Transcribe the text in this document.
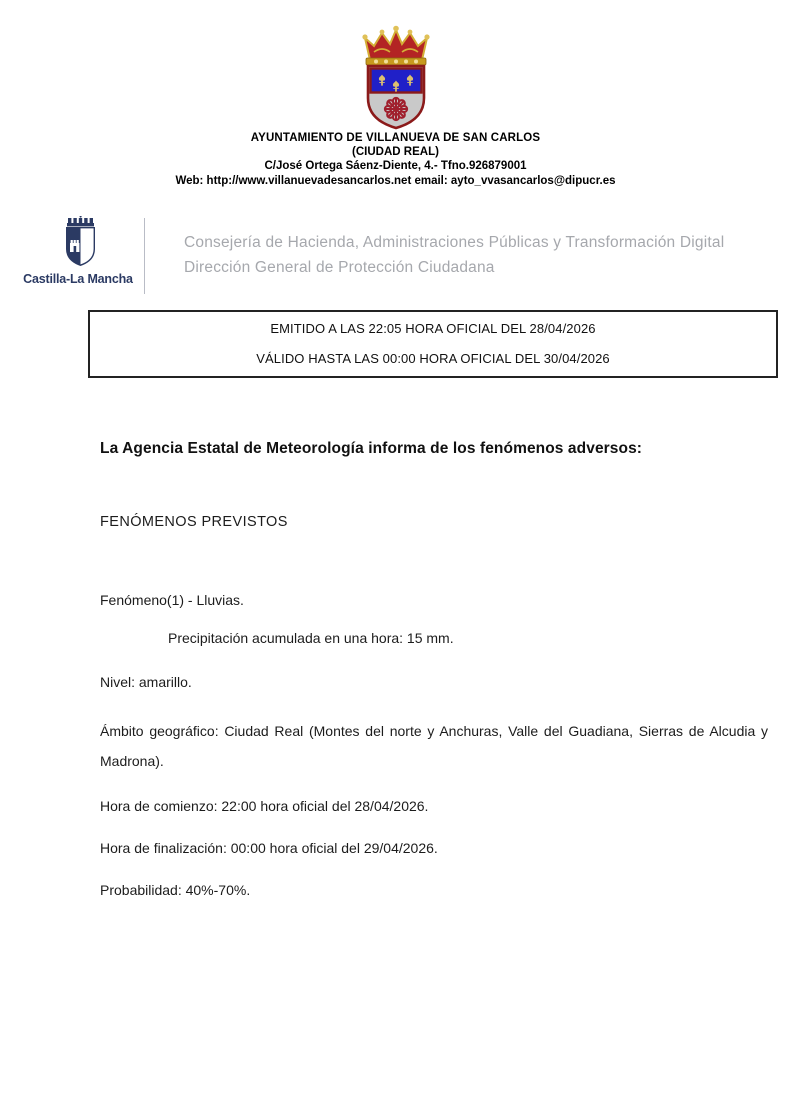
AYUNTAMIENTO DE VILLANUEVA DE SAN CARLOS
(CIUDAD REAL)
C/José Ortega Sáenz-Diente, 4.- Tfno.926879001
Web: http://www.villanuevadesancarlos.net email: ayto_vvasancarlos@dipucr.es
Castilla-La Mancha
Consejería de Hacienda, Administraciones Públicas y Transformación Digital
Dirección General de Protección Ciudadana
EMITIDO A LAS 22:05 HORA OFICIAL DEL 28/04/2026
VÁLIDO HASTA LAS 00:00 HORA OFICIAL DEL 30/04/2026

La Agencia Estatal de Meteorología informa de los fenómenos adversos:

FENÓMENOS PREVISTOS

Fenómeno(1) - Lluvias.

Precipitación acumulada en una hora: 15 mm.

Nivel: amarillo.

Ámbito geográfico: Ciudad Real (Montes del norte y Anchuras, Valle del Guadiana, Sierras de Alcudia y Madrona).

Hora de comienzo: 22:00 hora oficial del 28/04/2026.

Hora de finalización: 00:00 hora oficial del 29/04/2026.

Probabilidad: 40%-70%.
